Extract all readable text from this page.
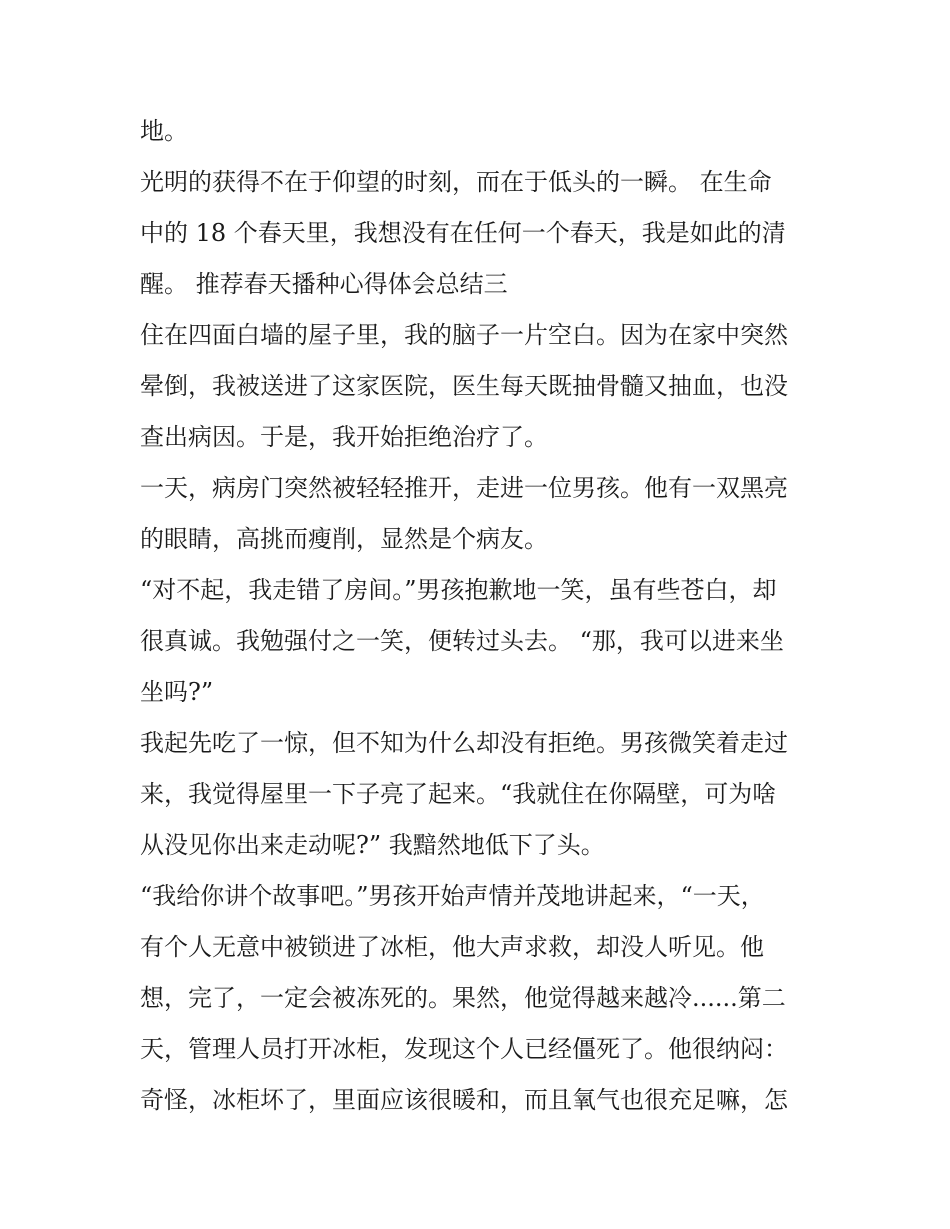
地。
光明的获得不在于仰望的时刻，而在于低头的一瞬。 在生命
中的 18 个春天里，我想没有在任何一个春天，我是如此的清
醒。 推荐春天播种心得体会总结三
住在四面白墙的屋子里，我的脑子一片空白。因为在家中突然
晕倒，我被送进了这家医院，医生每天既抽骨髓又抽血，也没
查出病因。于是，我开始拒绝治疗了。
一天，病房门突然被轻轻推开，走进一位男孩。他有一双黑亮
的眼睛，高挑而瘦削，显然是个病友。
“对不起，我走错了房间。”男孩抱歉地一笑，虽有些苍白，却
很真诚。我勉强付之一笑，便转过头去。 “那，我可以进来坐
坐吗?”
我起先吃了一惊，但不知为什么却没有拒绝。男孩微笑着走过
来，我觉得屋里一下子亮了起来。“我就住在你隔壁，可为啥
从没见你出来走动呢?” 我黯然地低下了头。
“我给你讲个故事吧。”男孩开始声情并茂地讲起来，“一天，
有个人无意中被锁进了冰柜，他大声求救，却没人听见。他
想，完了，一定会被冻死的。果然，他觉得越来越冷......第二
天，管理人员打开冰柜，发现这个人已经僵死了。他很纳闷：
奇怪，冰柜坏了，里面应该很暖和，而且氧气也很充足嘛，怎
